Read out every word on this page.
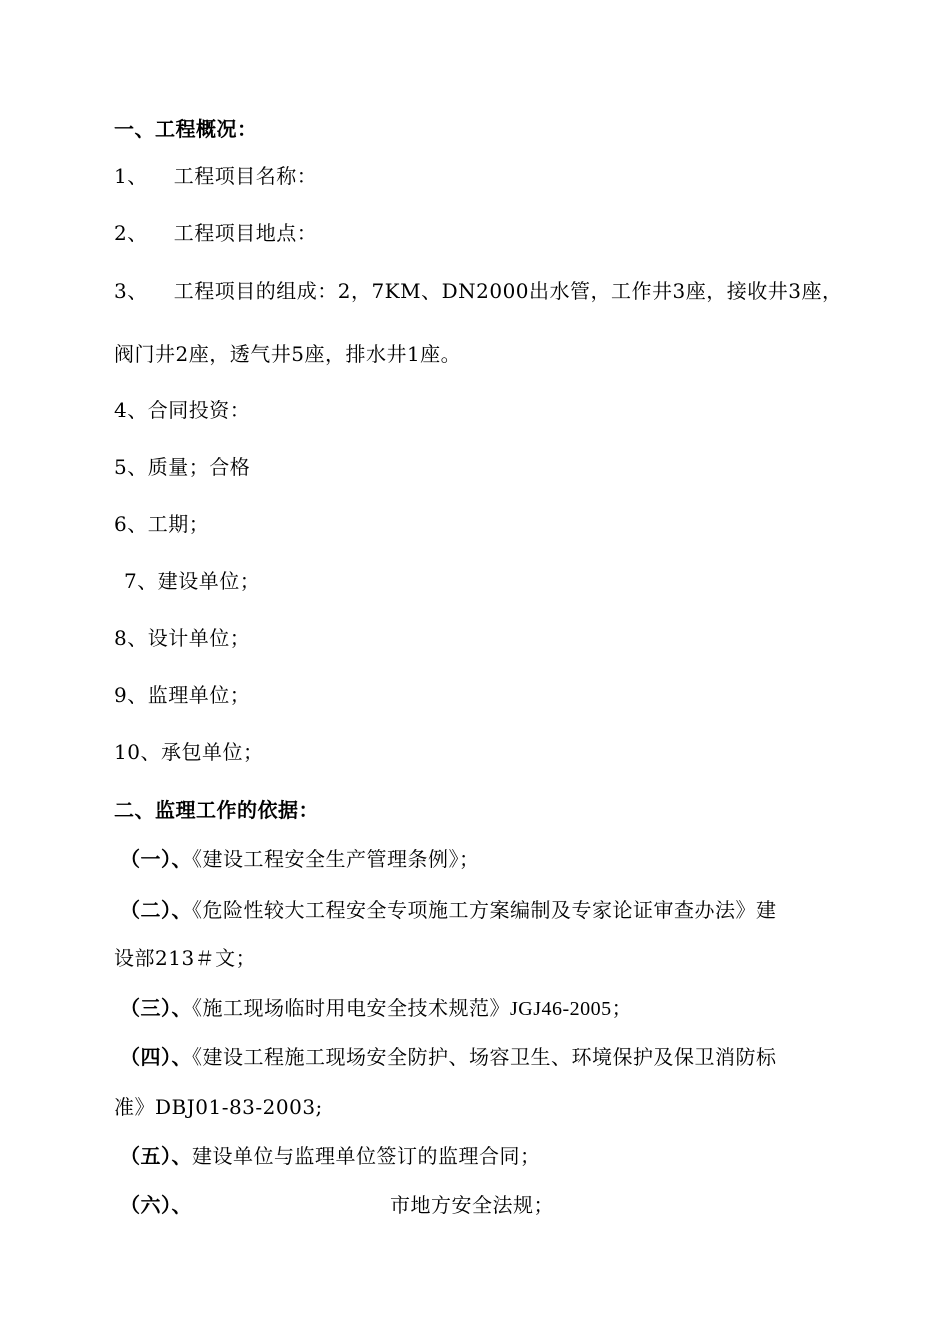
一、工程概况：
1、 工程项目名称：
2、 工程项目地点：
3、 工程项目的组成：2，7KM、DN2000出水管，工作井3座，接收井3座，
阀门井2座，透气井5座，排水井1座。
4、合同投资：
5、质量；合格
6、工期；
7、建设单位；
8、设计单位；
9、监理单位；
10、承包单位；
二、监理工作的依据：
（一）、《建设工程安全生产管理条例》；
（二）、《危险性较大工程安全专项施工方案编制及专家论证审查办法》建
设部213＃文；
（三）、《施工现场临时用电安全技术规范》JGJ46-2005；
（四）、《建设工程施工现场安全防护、场容卫生、环境保护及保卫消防标
准》DBJ01-83-2003;
（五）、建设单位与监理单位签订的监理合同；
（六）、	市地方安全法规；
